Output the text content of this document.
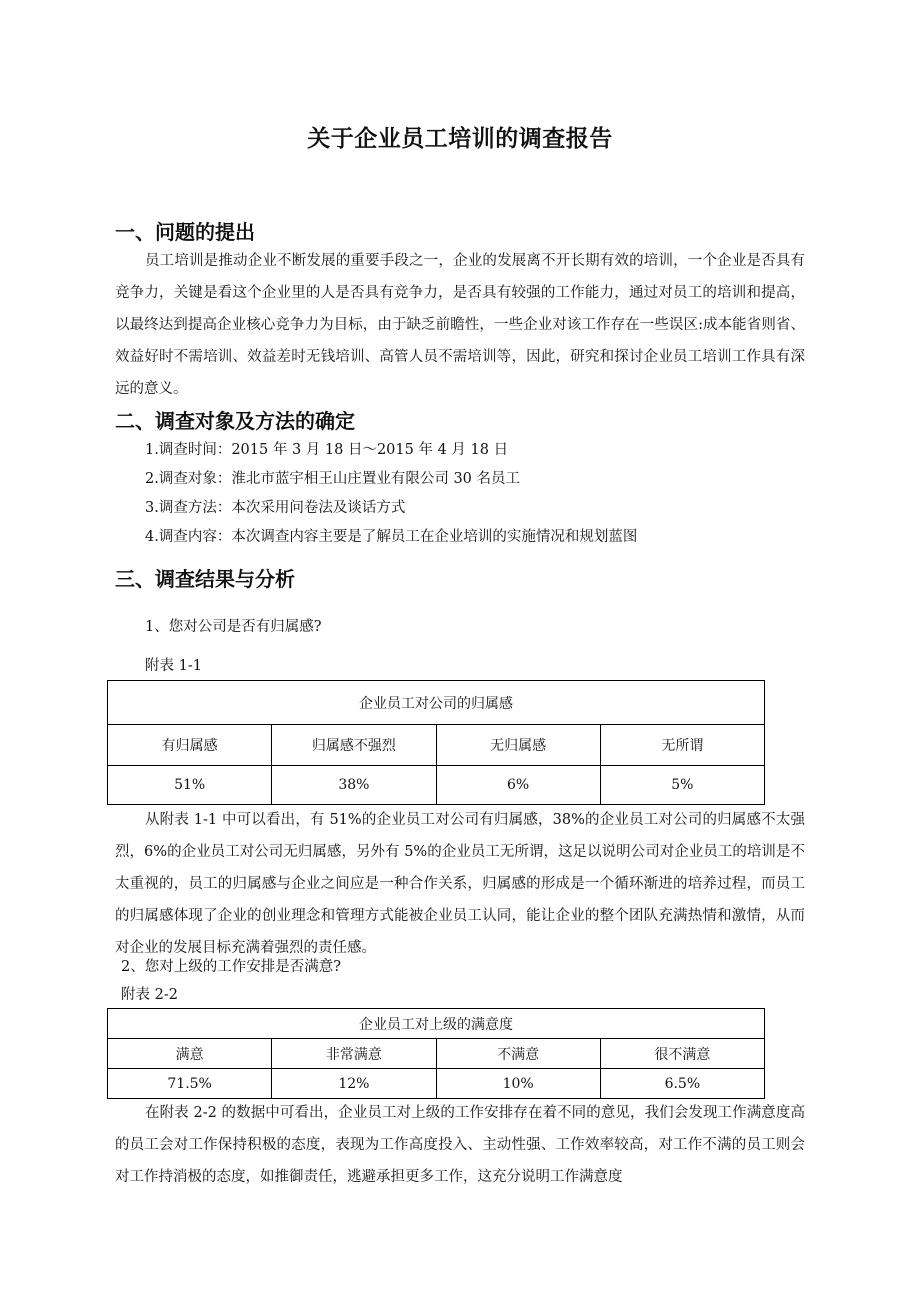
关于企业员工培训的调查报告
一、问题的提出

员工培训是推动企业不断发展的重要手段之一，企业的发展离不开长期有效的培训，一个企业是否具有竞争力，关键是看这个企业里的人是否具有竞争力，是否具有较强的工作能力，通过对员工的培训和提高，以最终达到提高企业核心竞争力为目标，由于缺乏前瞻性，一些企业对该工作存在一些误区:成本能省则省、效益好时不需培训、效益差时无钱培训、高管人员不需培训等，因此，研究和探讨企业员工培训工作具有深远的意义。

二、调查对象及方法的确定
1.调查时间：2015 年 3 月 18 日～2015 年 4 月 18 日
2.调查对象：淮北市蓝宇相王山庄置业有限公司 30 名员工
3.调查方法：本次采用问卷法及谈话方式
4.调查内容：本次调查内容主要是了解员工在企业培训的实施情况和规划蓝图
三、调查结果与分析
1、您对公司是否有归属感?
附表 1-1
企业员工对公司的归属感			
有归属感	归属感不强烈	无归属感	无所谓
51%	38%	6%	5%

从附表 1-1 中可以看出，有 51%的企业员工对公司有归属感，38%的企业员工对公司的归属感不太强烈，6%的企业员工对公司无归属感，另外有 5%的企业员工无所谓，这足以说明公司对企业员工的培训是不太重视的，员工的归属感与企业之间应是一种合作关系，归属感的形成是一个循环渐进的培养过程，而员工的归属感体现了企业的创业理念和管理方式能被企业员工认同，能让企业的整个团队充满热情和激情，从而对企业的发展目标充满着强烈的责任感。

2、您对上级的工作安排是否满意?
附表 2-2
企业员工对上级的满意度			
满意	非常满意	不满意	很不满意
71.5%	12%	10%	6.5%

在附表 2-2 的数据中可看出，企业员工对上级的工作安排存在着不同的意见，我们会发现工作满意度高的员工会对工作保持积极的态度，表现为工作高度投入、主动性强、工作效率较高，对工作不满的员工则会对工作持消极的态度，如推御责任，逃避承担更多工作，这充分说明工作满意度
